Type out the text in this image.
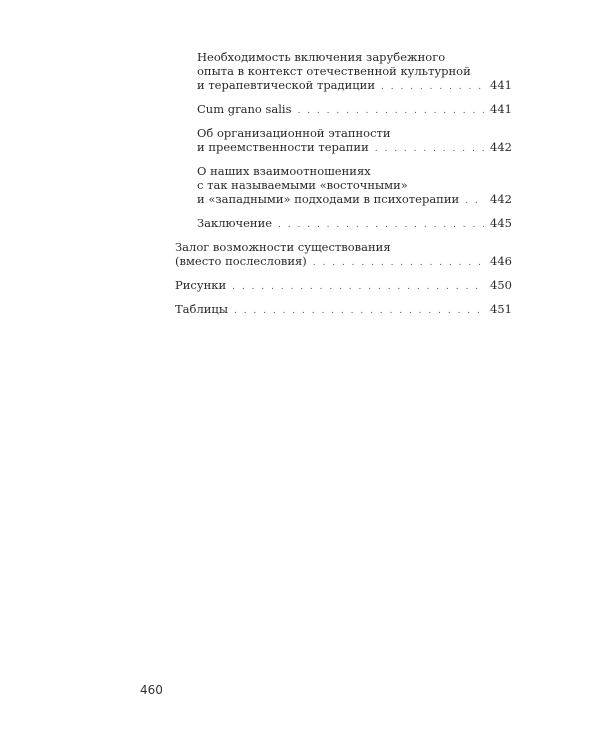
Необходимость включения зарубежного
опыта в контекст отечественной культурной
и терапевтической традиции . . .	441
Cum grano salis . . .	441
Об организационной этапности
и преемственности терапии . . .	442
О наших взаимоотношениях
с так называемыми «восточными»
и «западными» подходами в психотерапии . . .	442
Заключение . . .	445
Залог возможности существования
(вместо послесловия) . . .	446
Рисунки . . .	450
Таблицы . . .	451
460
